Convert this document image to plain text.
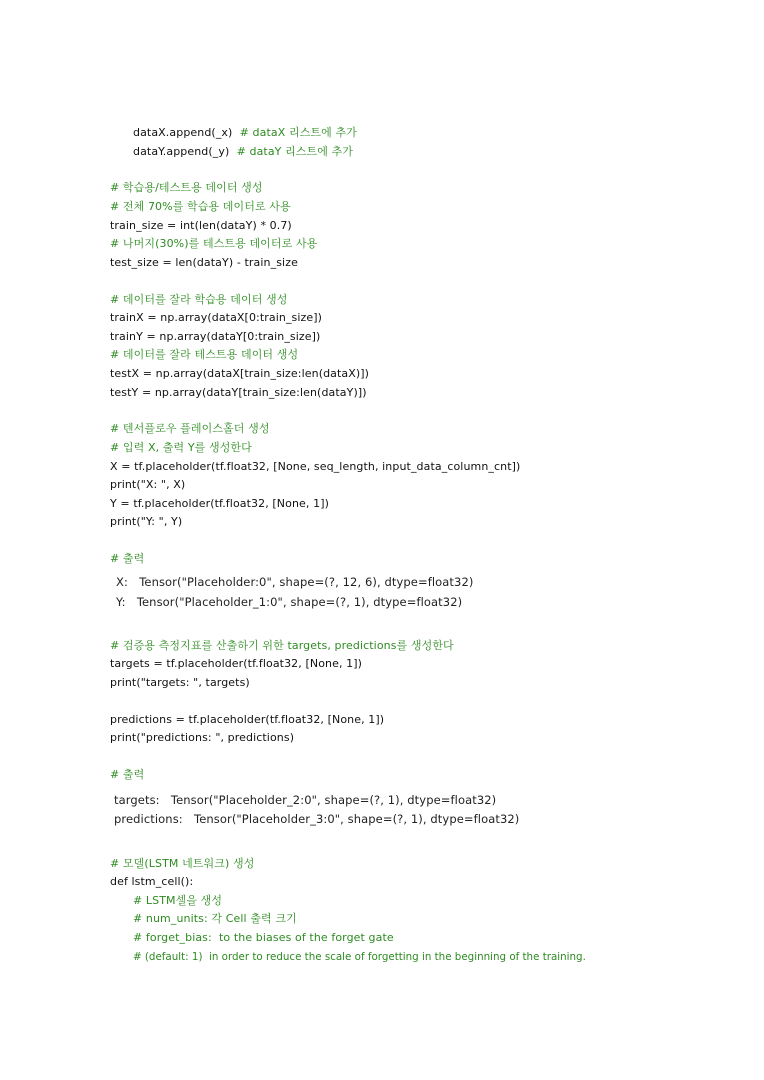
dataX.append(_x)  # dataX 리스트에 추가
dataY.append(_y)  # dataY 리스트에 추가
# 학습용/테스트용 데이터 생성
# 전체 70%를 학습용 데이터로 사용
train_size = int(len(dataY) * 0.7)
# 나머지(30%)를 테스트용 데이터로 사용
test_size = len(dataY) - train_size
# 데이터를 잘라 학습용 데이터 생성
trainX = np.array(dataX[0:train_size])
trainY = np.array(dataY[0:train_size])
# 데이터를 잘라 테스트용 데이터 생성
testX = np.array(dataX[train_size:len(dataX)])
testY = np.array(dataY[train_size:len(dataY)])
# 텐서플로우 플레이스홀더 생성
# 입력 X, 출력 Y를 생성한다
X = tf.placeholder(tf.float32, [None, seq_length, input_data_column_cnt])
print("X: ", X)
Y = tf.placeholder(tf.float32, [None, 1])
print("Y: ", Y)
# 출력
X:   Tensor("Placeholder:0", shape=(?, 12, 6), dtype=float32)
Y:   Tensor("Placeholder_1:0", shape=(?, 1), dtype=float32)
# 검증용 측정지표를 산출하기 위한 targets, predictions를 생성한다
targets = tf.placeholder(tf.float32, [None, 1])
print("targets: ", targets)
predictions = tf.placeholder(tf.float32, [None, 1])
print("predictions: ", predictions)
# 출력
targets:   Tensor("Placeholder_2:0", shape=(?, 1), dtype=float32)
predictions:   Tensor("Placeholder_3:0", shape=(?, 1), dtype=float32)
# 모델(LSTM 네트워크) 생성
def lstm_cell():
# LSTM셀을 생성
# num_units: 각 Cell 출력 크기
# forget_bias:  to the biases of the forget gate
# (default: 1)  in order to reduce the scale of forgetting in the beginning of the training.
